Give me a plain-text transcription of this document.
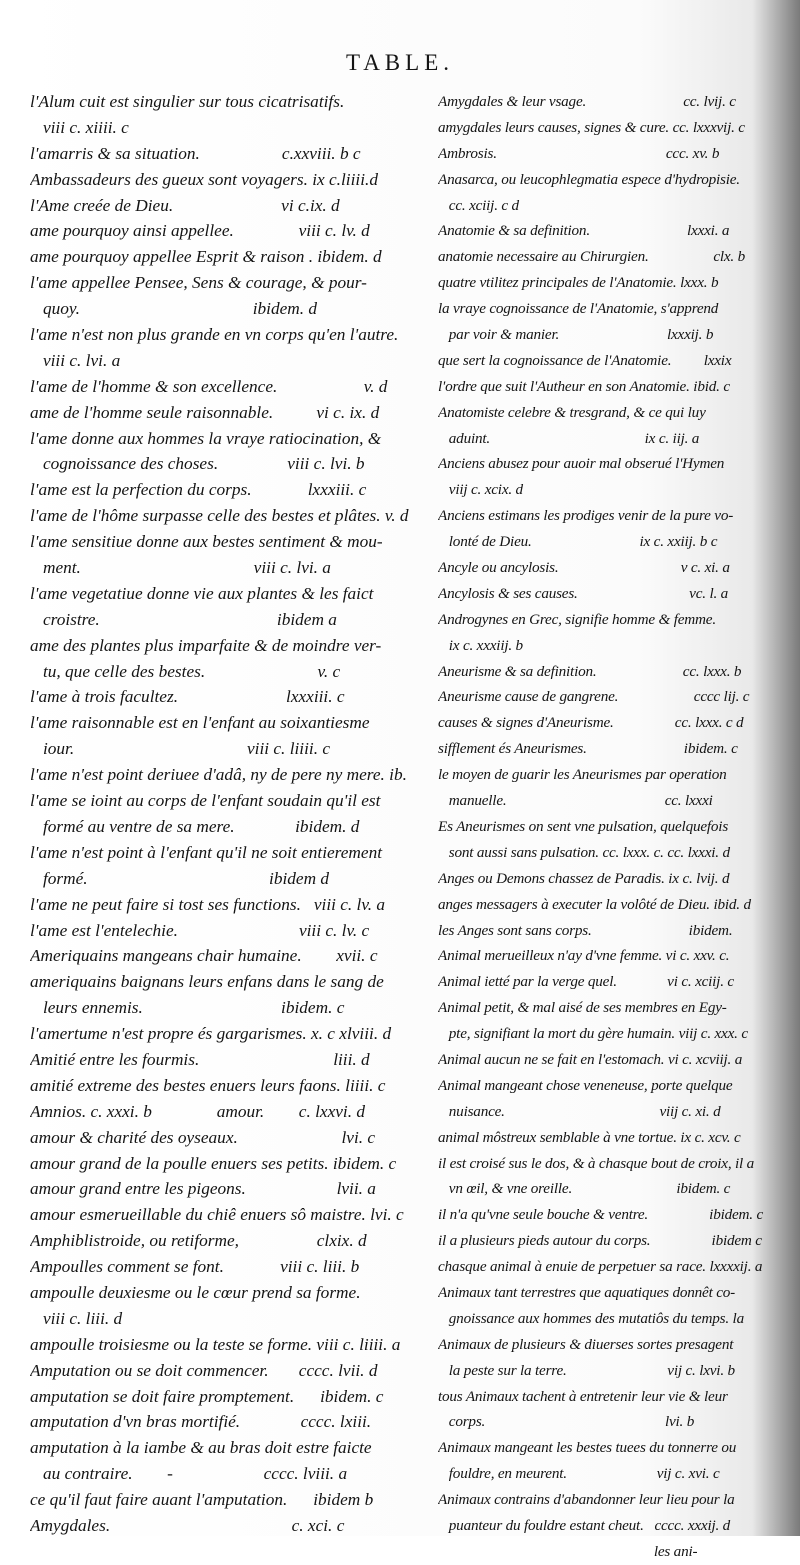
TABLE.
l'Alum cuit est singulier sur tous cicatrisatifs.
viii c. xiiii. c
l'amarris & sa situation.                   c.xxviii. b c
Ambassadeurs des gueux sont voyagers. ix c.liiii.d
l'Ame creée de Dieu.                         vi c.ix. d
ame pourquoy ainsi appellee.               viii c. lv. d
ame pourquoy appellee Esprit & raison . ibidem. d
l'ame appellee Pensee, Sens & courage, & pour-
quoy.                                        ibidem. d
l'ame n'est non plus grande en vn corps qu'en l'autre.
viii c. lvi. a
l'ame de l'homme & son excellence.                    v. d
ame de l'homme seule raisonnable.          vi c. ix. d
l'ame donne aux hommes la vraye ratiocination, &
cognoissance des choses.                viii c. lvi. b
l'ame est la perfection du corps.             lxxxiii. c
l'ame de l'hôme surpasse celle des bestes et plâtes. v. d
l'ame sensitiue donne aux bestes sentiment & mou-
ment.                                        viii c. lvi. a
l'ame vegetatiue donne vie aux plantes & les faict
croistre.                                         ibidem a
ame des plantes plus imparfaite & de moindre ver-
tu, que celle des bestes.                          v. c
l'ame à trois facultez.                         lxxxiii. c
l'ame raisonnable est en l'enfant au soixantiesme
iour.                                        viii c. liiii. c
l'ame n'est point deriuee d'adâ, ny de pere ny mere. ib.
l'ame se ioint au corps de l'enfant soudain qu'il est
formé au ventre de sa mere.              ibidem. d
l'ame n'est point à l'enfant qu'il ne soit entierement
formé.                                          ibidem d
l'ame ne peut faire si tost ses functions.   viii c. lv. a
l'ame est l'entelechie.                            viii c. lv. c
Ameriquains mangeans chair humaine.        xvii. c
ameriquains baignans leurs enfans dans le sang de
leurs ennemis.                                ibidem. c
l'amertume n'est propre és gargarismes. x. c xlviii. d
Amitié entre les fourmis.                               liii. d
amitié extreme des bestes enuers leurs faons. liiii. c
Amnios. c. xxxi. b               amour.        c. lxxvi. d
amour & charité des oyseaux.                        lvi. c
amour grand de la poulle enuers ses petits. ibidem. c
amour grand entre les pigeons.                     lvii. a
amour esmerueillable du chiê enuers sô maistre. lvi. c
Amphiblistroide, ou retiforme,                  clxix. d
Ampoulles comment se font.             viii c. liii. b
ampoulle deuxiesme ou le cœur prend sa forme.
viii c. liii. d
ampoulle troisiesme ou la teste se forme. viii c. liiii. a
Amputation ou se doit commencer.       cccc. lvii. d
amputation se doit faire promptement.      ibidem. c
amputation d'vn bras mortifié.              cccc. lxiii.
amputation à la iambe & au bras doit estre faicte
au contraire.        -                     cccc. lviii. a
ce qu'il faut faire auant l'amputation.      ibidem b
Amygdales.                                          c. xci. c
Amygdales & leur vsage.                           cc. lvij. c
amygdales leurs causes, signes & cure. cc. lxxxvij. c
Ambrosis.                                               ccc. xv. b
Anasarca, ou leucophlegmatia espece d'hydropisie.
cc. xciij. c d
Anatomie & sa definition.                           lxxxi. a
anatomie necessaire au Chirurgien.                  clx. b
quatre vtilitez principales de l'Anatomie. lxxx. b
la vraye cognoissance de l'Anatomie, s'apprend
par voir & manier.                              lxxxij. b
que sert la cognoissance de l'Anatomie.         lxxix
l'ordre que suit l'Autheur en son Anatomie. ibid. c
Anatomiste celebre & tresgrand, & ce qui luy
aduint.                                           ix c. iij. a
Anciens abusez pour auoir mal obserué l'Hymen
viij c. xcix. d
Anciens estimans les prodiges venir de la pure vo-
lonté de Dieu.                              ix c. xxiij. b c
Ancyle ou ancylosis.                                  v c. xi. a
Ancylosis & ses causes.                               vc. l. a
Androgynes en Grec, signifie homme & femme.
ix c. xxxiij. b
Aneurisme & sa definition.                        cc. lxxx. b
Aneurisme cause de gangrene.                     cccc lij. c
causes & signes d'Aneurisme.                 cc. lxxx. c d
sifflement és Aneurismes.                           ibidem. c
le moyen de guarir les Aneurismes par operation
manuelle.                                            cc. lxxxi
Es Aneurismes on sent vne pulsation, quelquefois
sont aussi sans pulsation. cc. lxxx. c. cc. lxxxi. d
Anges ou Demons chassez de Paradis. ix c. lvij. d
anges messagers à executer la volôté de Dieu. ibid. d
les Anges sont sans corps.                           ibidem.
Animal merueilleux n'ay d'vne femme. vi c. xxv. c.
Animal ietté par la verge quel.              vi c. xciij. c
Animal petit, & mal aisé de ses membres en Egy-
pte, signifiant la mort du gère humain. viij c. xxx. c
Animal aucun ne se fait en l'estomach. vi c. xcviij. a
Animal mangeant chose veneneuse, porte quelque
nuisance.                                           viij c. xi. d
animal môstreux semblable à vne tortue. ix c. xcv. c
il est croisé sus le dos, & à chasque bout de croix, il a
vn œil, & vne oreille.                             ibidem. c
il n'a qu'vne seule bouche & ventre.                 ibidem. c
il a plusieurs pieds autour du corps.                 ibidem c
chasque animal à enuie de perpetuer sa race. lxxxxij. a
Animaux tant terrestres que aquatiques donnêt co-
gnoissance aux hommes des mutatiôs du temps. la
Animaux de plusieurs & diuerses sortes presagent
la peste sur la terre.                            vij c. lxvi. b
tous Animaux tachent à entretenir leur vie & leur
corps.                                                  lvi. b
Animaux mangeant les bestes tuees du tonnerre ou
fouldre, en meurent.                         vij c. xvi. c
Animaux contrains d'abandonner leur lieu pour la
puanteur du fouldre estant cheut.   cccc. xxxij. d
les ani-
